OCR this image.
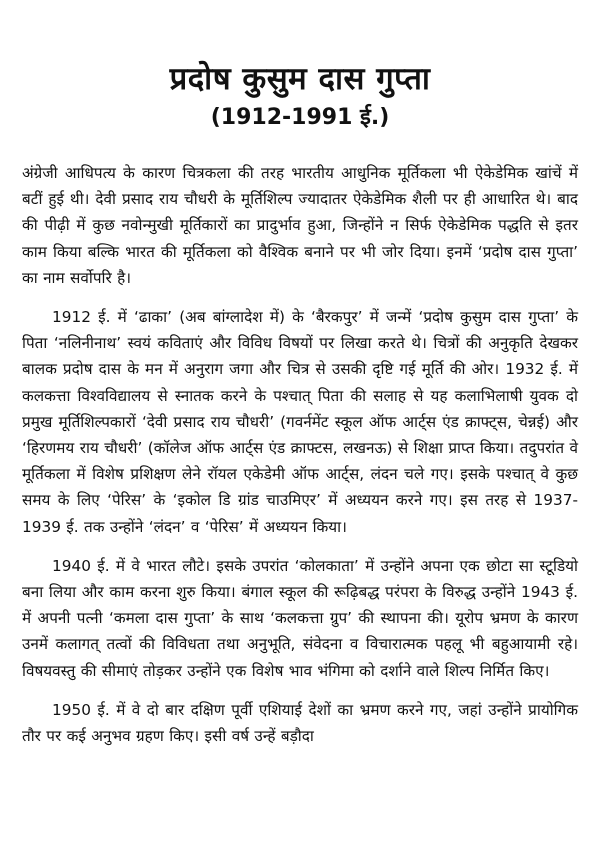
प्रदोष कुसुम दास गुप्ता
(1912-1991 ई.)

अंग्रेजी आधिपत्य के कारण चित्रकला की तरह भारतीय आधुनिक मूर्तिकला भी ऐकेडेमिक खांचें में बटीं हुई थी। देवी प्रसाद राय चौधरी के मूर्तिशिल्प ज्यादातर ऐकेडेमिक शैली पर ही आधारित थे। बाद की पीढ़ी में कुछ नवोन्मुखी मूर्तिकारों का प्रादुर्भाव हुआ, जिन्होंने न सिर्फ ऐकेडेमिक पद्धति से इतर काम किया बल्कि भारत की मूर्तिकला को वैश्विक बनाने पर भी जोर दिया। इनमें ‘प्रदोष दास गुप्ता’ का नाम सर्वोपरि है।

1912 ई. में ‘ढाका’ (अब बांग्लादेश में) के ‘बैरकपुर’ में जन्में ‘प्रदोष कुसुम दास गुप्ता’ के पिता ‘नलिनीनाथ’ स्वयं कविताएं और विविध विषयों पर लिखा करते थे। चित्रों की अनुकृति देखकर बालक प्रदोष दास के मन में अनुराग जगा और चित्र से उसकी दृष्टि गई मूर्ति की ओर। 1932 ई. में कलकत्ता विश्वविद्यालय से स्नातक करने के पश्चात् पिता की सलाह से यह कलाभिलाषी युवक दो प्रमुख मूर्तिशिल्पकारों ‘देवी प्रसाद राय चौधरी’ (गवर्नमेंट स्कूल ऑफ आर्ट्स एंड क्राफ्ट्स, चेन्नई) और ‘हिरणमय राय चौधरी’ (कॉलेज ऑफ आर्ट्स एंड क्राफ्टस, लखनऊ) से शिक्षा प्राप्त किया। तदुपरांत वे मूर्तिकला में विशेष प्रशिक्षण लेने रॉयल एकेडेमी ऑफ आर्ट्स, लंदन चले गए। इसके पश्चात् वे कुछ समय के लिए ‘पेरिस’ के ‘इकोल डि ग्रांड चाउमिएर’ में अध्ययन करने गए। इस तरह से 1937-1939 ई. तक उन्होंने ‘लंदन’ व ‘पेरिस’ में अध्ययन किया।

1940 ई. में वे भारत लौटे। इसके उपरांत ‘कोलकाता’ में उन्होंने अपना एक छोटा सा स्टूडियो बना लिया और काम करना शुरु किया। बंगाल स्कूल की रूढ़िबद्ध परंपरा के विरुद्ध उन्होंने 1943 ई. में अपनी पत्नी ‘कमला दास गुप्ता’ के साथ ‘कलकत्ता ग्रुप’ की स्थापना की। यूरोप भ्रमण के कारण उनमें कलागत् तत्वों की विविधता तथा अनुभूति, संवेदना व विचारात्मक पहलू भी बहुआयामी रहे। विषयवस्तु की सीमाएं तोड़कर उन्होंने एक विशेष भाव भंगिमा को दर्शाने वाले शिल्प निर्मित किए।

1950 ई. में वे दो बार दक्षिण पूर्वी एशियाई देशों का भ्रमण करने गए, जहां उन्होंने प्रायोगिक तौर पर कई अनुभव ग्रहण किए। इसी वर्ष उन्हें बड़ौदा
